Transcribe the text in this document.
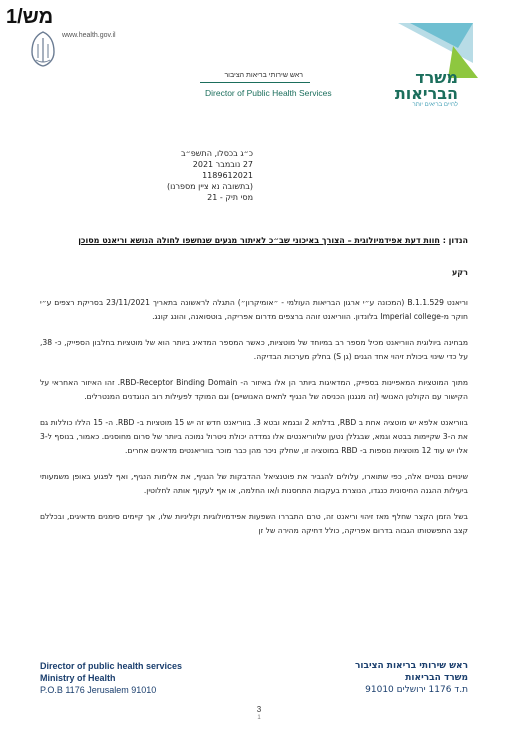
מש/1
www.health.gov.il
משרד
הבריאות
לחיים בריאים יותר
ראש שירותי בריאות הציבור
Director of Public Health Services
כ״ג בכסלו, התשפ״ב
27 נובמבר 2021
1189612021
(בתשובה נא ציין מספרנו)
מסי תיק - 21
הנדון : חוות דעת אפידמיולוגית – הצורך באיכוני שב״כ לאיתור מגעים שנחשפו לחולה הנושא וריאנט מסוכן
רקע

וריאנט B.1.1.529 (המכונה ע״י ארגון הבריאות העולמי - ״אומיקרון״) התגלה לראשונה בתאריך 23/11/2021 בסריקת רצפים ע״י חוקר מ-Imperial college בלונדון. הווריאנט זוהה ברצפים מדרום אפריקה, בוטסואנה, והונג קונג.

מבחינה ביולוגית הווריאנט מכיל מספר רב במיוחד של מוטציות, כאשר המספר המדאיג ביותר הוא של מוטציות בחלבון הספייק, כ- 38, על כדי שינוי ביכולת זיהוי אחד הגנים (גן S) בחלק מערכות הבדיקה.

מתוך המוטציות המאפיינות בספייק, המדאיגות ביותר הן אלו באיזור ה- RBD-Receptor Binding Domain. זהו האיזור האחראי על הקישור עם הקולטן האנושי (זה מנגנון הכניסה של הנגיף לתאים האנושיים) וגם המוקד לפעילות רוב הנוגדנים המנטרלים.

בווריאנט אלפא יש מוטציה אחת ב RBD, בדלתא 2 ובגמא ובטא 3. בווריאנט חדש זה יש 15 מוטציות ב- RBD. ה- 15 הללו כוללות גם את ה-3 שקיימות בבטא וגמא, שבגללן נטען שלווריאנטים אלו נמדדה יכולת ניטרול נמוכה ביותר של סרום מחוסנים. כאמור, בנוסף ל-3 אלו יש עוד 12 מוטציות נוספות ב- RBD במוטציה זו, שחלק ניכר מהן כבר מוכר בווריאנטים מדאיגים אחרים.

שינויים גנטיים אלה, כפי שתוארו, עלולים להגביר את פוטנציאל ההדבקות של הנגיף, את אלימות הנגיף, ואף לפגוע באופן משמעותי ביעילות ההגנה החיסונית כנגדו, הנוצרת בעקבות התחסנות ו/או החלמה, או אף לעקוף אותה לחלוטין.

בשל הזמן הקצר שחלף מאז זיהוי וריאנט זה, טרם התבררו השפעות אפידמיולוגיות וקליניות שלו, אך קיימים סימנים מדאיגים, ובכללם קצב התפשטותו הגבוה בדרום אפריקה, כולל דחיקה מהירה של זן

Director of public health services
Ministry of Health
P.O.B 1176 Jerusalem 91010
ראש שירותי בריאות הציבור
משרד הבריאות
ת.ד 1176 ירושלים 91010
3
1
